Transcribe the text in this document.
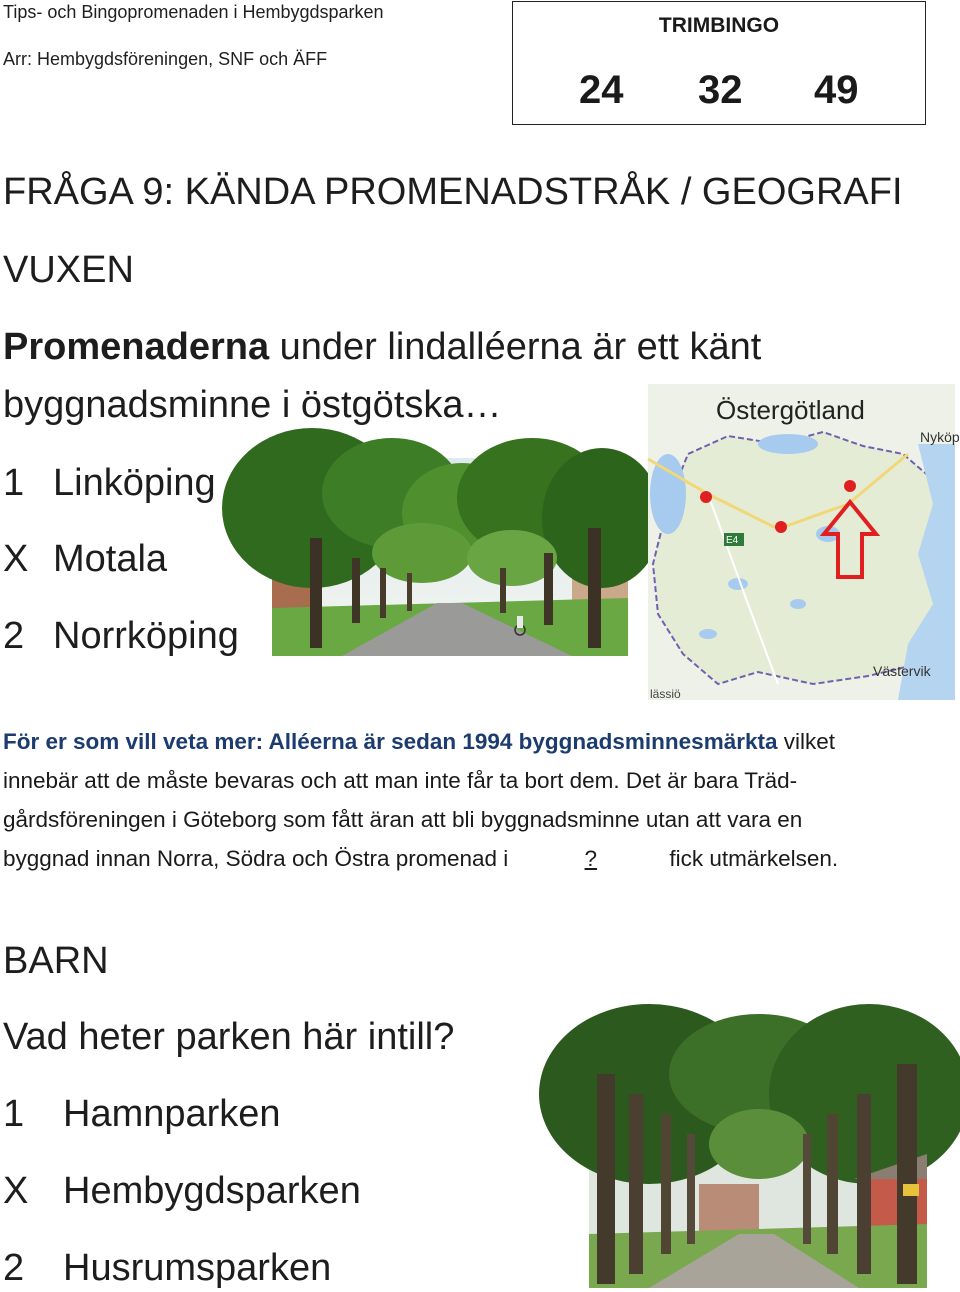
Tips- och Bingopromenaden i Hembygdsparken
Arr: Hembygdsföreningen, SNF och ÄFF
TRIMBINGO
24 32 49
FRÅGA 9: KÄNDA PROMENADSTRÅK / GEOGRAFI
VUXEN
Promenaderna under lindalléerna är ett känt
byggnadsminne i östgötska…
1 Linköping
X Motala
2 Norrköping
E4
Östergötland
Nyköp
Västervik
lässiö
För er som vill veta mer: Alléerna är sedan 1994 byggnadsminnesmärkta vilket
innebär att de måste bevaras och att man inte får ta bort dem. Det är bara Träd-
gårdsföreningen i Göteborg som fått äran att bli byggnadsminne utan att vara en
byggnad innan Norra, Södra och Östra promenad i	?	fick utmärkelsen.
BARN
Vad heter parken här intill?
1 Hamnparken
X Hembygdsparken
2 Husrumsparken
